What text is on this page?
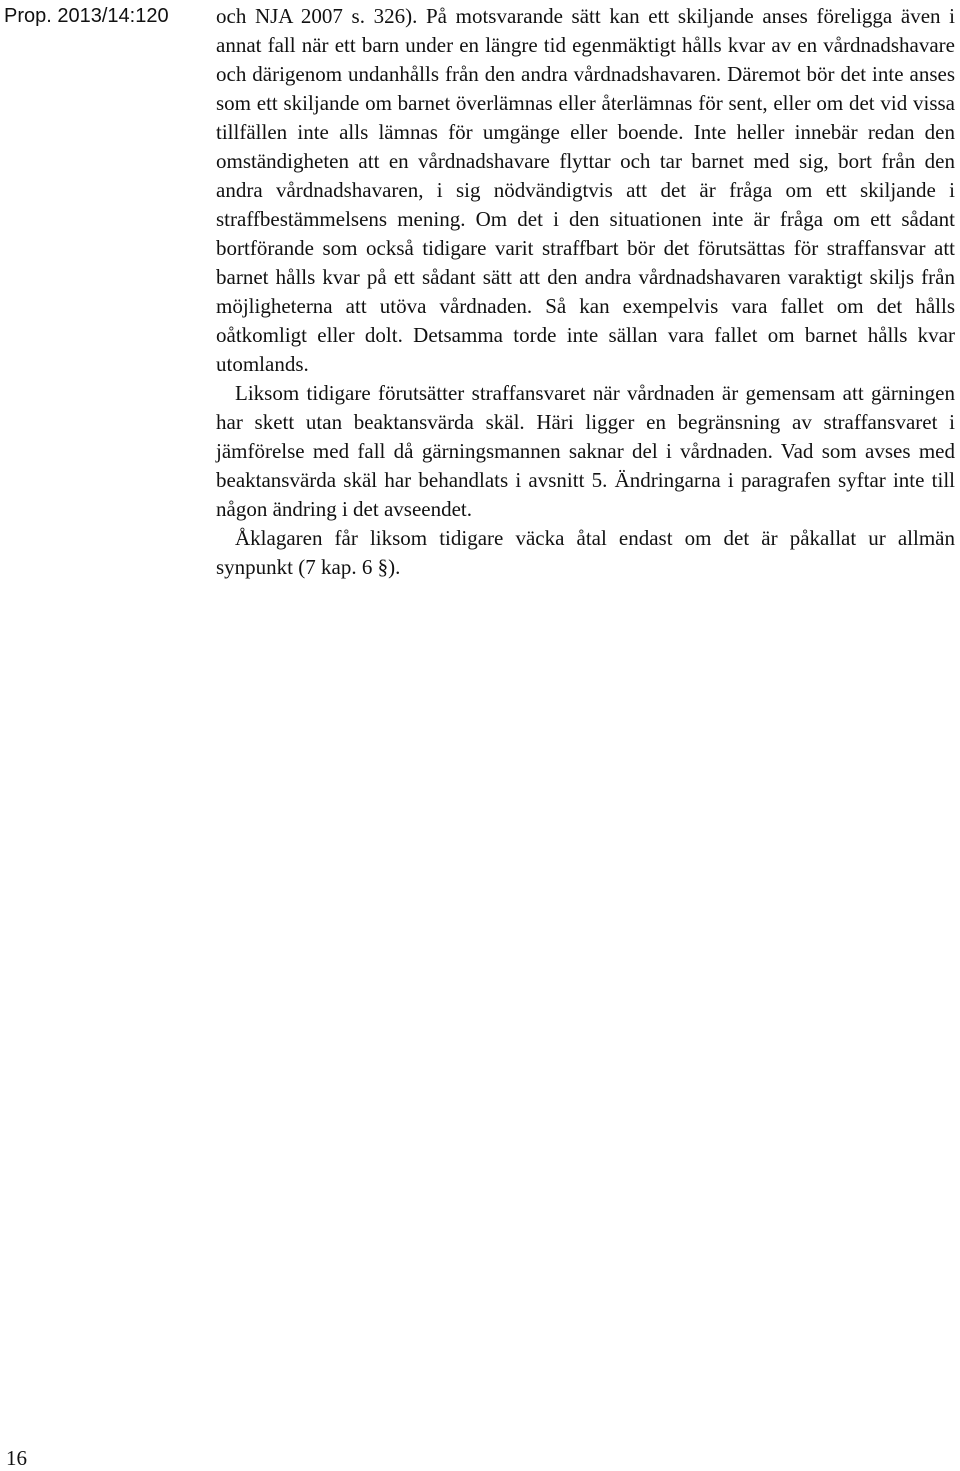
Prop. 2013/14:120 och NJA 2007 s. 326). På motsvarande sätt kan ett skiljande anses föreligga även i annat fall när ett barn under en längre tid egenmäktigt hålls kvar av en vårdnadshavare och därigenom undanhålls från den andra vårdnadshavaren. Däremot bör det inte anses som ett skiljande om barnet överlämnas eller återlämnas för sent, eller om det vid vissa tillfällen inte alls lämnas för umgänge eller boende. Inte heller innebär redan den omständigheten att en vårdnadshavare flyttar och tar barnet med sig, bort från den andra vårdnadshavaren, i sig nödvändigtvis att det är fråga om ett skiljande i straffbestämmelsens mening. Om det i den situationen inte är fråga om ett sådant bortförande som också tidigare varit straffbart bör det förutsättas för straffansvar att barnet hålls kvar på ett sådant sätt att den andra vårdnadshavaren varaktigt skiljs från möjligheterna att utöva vårdnaden. Så kan exempelvis vara fallet om det hålls oåtkomligt eller dolt. Detsamma torde inte sällan vara fallet om barnet hålls kvar utomlands.

Liksom tidigare förutsätter straffansvaret när vårdnaden är gemensam att gärningen har skett utan beaktansvärda skäl. Häri ligger en begränsning av straffansvaret i jämförelse med fall då gärningsmannen saknar del i vårdnaden. Vad som avses med beaktansvärda skäl har behandlats i avsnitt 5. Ändringarna i paragrafen syftar inte till någon ändring i det avseendet.

Åklagaren får liksom tidigare väcka åtal endast om det är påkallat ur allmän synpunkt (7 kap. 6 §).

16
